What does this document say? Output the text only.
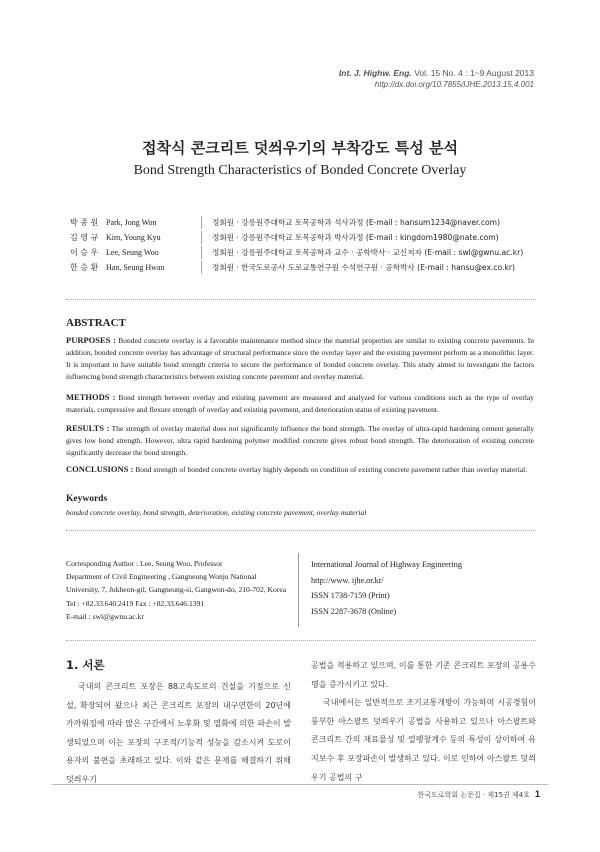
Int. J. Highw. Eng. Vol. 15 No. 4 : 1~9 August 2013
http://dx.doi.org/10.7855/IJHE.2013.15.4.001
접착식 콘크리트 덧씌우기의 부착강도 특성 분석
Bond Strength Characteristics of Bonded Concrete Overlay
박 종 원 Park, Jong Won	정회원 · 강릉원주대학교 토목공학과 석사과정 (E-mail : hansum1234@naver.com)
김 영 규 Kim, Young Kyu	정회원 · 강릉원주대학교 토목공학과 박사과정 (E-mail : kingdom1980@nate.com)
이 승 우 Lee, Seung Woo	정회원 · 강릉원주대학교 토목공학과 교수 · 공학박사 · 교신저자 (E-mail : swl@gwnu.ac.kr)
한 승 환 Han, Seung Hwan	정회원 · 한국도로공사 도로교통연구원 수석연구원 · 공학박사 (E-mail : hansu@ex.co.kr)
ABSTRACT
PURPOSES : Bonded concrete overlay is a favorable maintenance method since the material properties are similar to existing concrete pavements. In addition, bonded concrete overlay has advantage of structural performance since the overlay layer and the existing pavement perform as a monolithic layer. It is important to have suitable bond strength criteria to secure the performance of bonded concrete overlay. This study aimed to investigate the factors influencing bond strength characteristics between existing concrete pavement and overlay material.
METHODS : Bond strength between overlay and existing pavement are measured and analyzed for various conditions such as the type of overlay materials, compressive and flexure strength of overlay and existing pavement, and deterioration status of existing pavement.
RESULTS : The strength of overlay material does not significantly influence the bond strength. The overlay of ultra-rapid hardening cement generally gives low bond strength. However, ultra rapid hardening polymer modified concrete gives robust bond strength. The deterioration of existing concrete significantly decrease the bond strength.
CONCLUSIONS : Bond strength of bonded concrete overlay highly depends on condition of existing concrete pavement rather than overlay material.
Keywords
bonded concrete overlay, bond strength, deterioration, existing concrete pavement, overlay material
Corresponding Author : Lee, Seung Woo, Professor
Department of Civil Engineering , Gangneung Wonju National
University, 7, Jukheon-gil, Gangneung-si, Gangwon-do, 210-702, Korea
Tel : +82.33.640.2419 Fax : +82.33.646.1391
E-mail : swl@gwnu.ac.kr
International Journal of Highway Engineering
http://www. ijhe.or.kr/
ISSN 1738-7159 (Print)
ISSN 2287-3678 (Online)
1. 서론
국내의 콘크리트 포장은 88고속도로의 건설을 기점으로 신설, 확장되어 왔으나 최근 콘크리트 포장의 내구연한이 20년에 가까워짐에 따라 많은 구간에서 노후화 및 열화에 의한 파손이 발생되었으며 이는 포장의 구조적/기능적 성능을 감소시켜 도로이용자의 불편을 초래하고 있다. 이와 같은 문제를 해결하기 위해 덧씌우기
공법을 적용하고 있으며, 이를 통한 기존 콘크리트 포장의 공용수명을 증가시키고 있다.
국내에서는 일반적으로 조기교통개방이 가능하며 시공경험이 풍부한 아스팔트 덧씌우기 공법을 사용하고 있으나 아스팔트와 콘크리트 간의 재료물성 및 열팽창계수 등의 특성이 상이하여 유지보수 후 포장파손이 발생하고 있다. 이로 인하여 아스팔트 덧씌우기 공법의 구
한국도로학회 논문집 · 제15권 제4호 1
